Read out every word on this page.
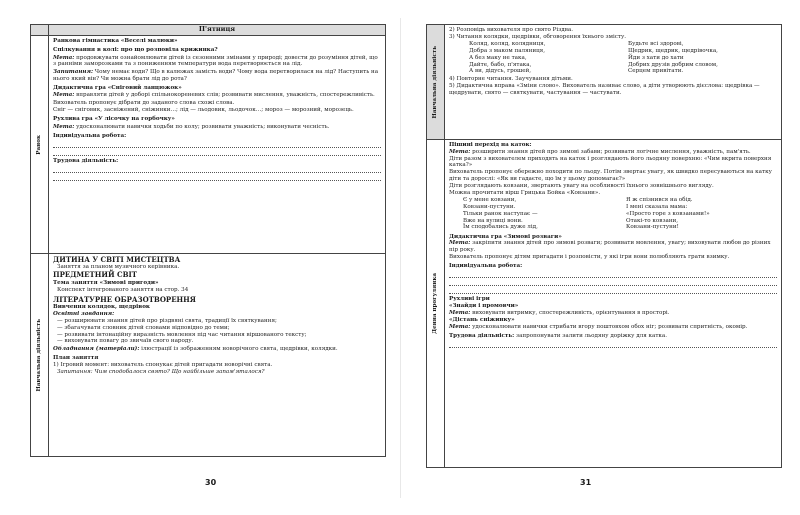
П'ятниця
Ранок
Ранкова гімнастика «Веселі малюки»
Спілкування в колі: про що розповіла крижинка?
Мета: продовжувати ознайомлювати дітей із сезонними змінами у природі; довести до розуміння дітей, що з ранніми заморозками та з пониженням температури вода перетворюється на лід.
Запитання: Чому немає води? Що в калюжах замість води? Чому вода перетворилася на лід? Наступить на нього який він? Чи можна брати лід до рота?
Дидактична гра «Сніговий ланцюжок»
Мета: вправляти дітей у доборі спільнокореневих слів; розвивати мислення, уважність, спостережливість.
Вихователь пропонує дібрати до заданого слова схожі слова.
Сніг — сніговик, засніжений, сніжинки…; лід — льодовик, льодочок…; мороз — морозний, морозець.
Рухлива гра «У лісочку на горбочку»
Мета: удосконалювати навички ходьби по колу; розвивати уважність; виконувати чесність.
Індивідуальна робота:
Трудова діяльність:
Навчальна діяльність
ДИТИНА У СВІТІ МИСТЕЦТВА
Заняття за планом музичного керівника.
ПРЕДМЕТНИЙ СВІТ
Тема заняття «Зимові пригоди»
Конспект інтегрованого заняття на стор. 34
ЛІТЕРАТУРНЕ ОБРАЗОТВОРЕННЯ
Вивчення колядок, щедрівок
Освітні завдання:
— розширювати знання дітей про різдвяні свята, традиції їх святкування;
— збагачувати словник дітей словами відповідно до теми;
— розвивати інтонаційну виразність мовлення під час читання віршованого тексту;
— виховувати повагу до звичаїв свого народу.
Обладнання (матеріали): ілюстрації із зображенням новорічного свята, щедрівки, колядки.
План заняття
1) Ігровий момент: вихователь спонукає дітей пригадати новорічні свята.
Запитання: Чим сподобалося свято? Що найбільше запам'яталося?
30
Навчальна діяльність
2) Розповідь вихователя про свято Різдва.
3) Читання колядки, щедрівки, обговорення їхнього змісту.
Коляд, коляд, колядниця,
Добра з маком паляниця,
А без маку не така,
Дайте, бабо, п'ятака,
А ви, дідусь, грошей,
Будьте всі здорові,
Щедрик, щедрик, щедрівочка,
Йди з хати до хати
Добрих друзів добрим словом,
Серцем привітати.
4) Повторне читання. Заучування дітьми.
5) Дидактична вправа «Зміни слово». Вихователь називає слово, а діти утворюють дієслова: щедрівка — щедрувати, свято — святкувати, частування — частувати.
Денна прогулянка
Пішині перехід на каток:
Мета: розширити знання дітей про зимові забави; розвивати логічне мислення, уважність, пам'ять.
Діти разом з вихователем приходять на каток і розглядають його льодяну поверхню: «Чим вкрита поверхня катка?»
Вихователь пропонує обережно походити по льоду. Потім звертає увагу, як швидко пересуваються на катку діти та дорослі: «Як ви гадаєте, що їм у цьому допомагає?»
Діти розглядають ковзани, звертають увагу на особливості їхнього зовнішнього вигляду.
Можна прочитати вірш Грицька Бойка «Ковзани».
Є у мене ковзани,
Ковзани-пустуни.
Тільки ранок наступає —
Вже на вулиці вони.
Їм сподобались дуже лід,
Я ж спізнився на обід.
І мені сказала мама:
«Просто горе з ковзанами!»
Отакі-то ковзани,
Ковзани-пустуни!
Дидактична гра «Зимові розваги»
Мета: закріпити знання дітей про зимові розваги; розвивати мовлення, увагу; виховувати любов до різних пір року.
Вихователь пропонує дітям пригадати і розповісти, у які ігри вони полюбляють грати взимку.
Індивідуальна робота:
Рухливі ігри
«Знайди і промовчи»
Мета: виховувати витримку, спостережливість, орієнтування в просторі.
«Дістань сніжинку»
Мета: удосконалювати навички стрибати вгору поштовхом обох ніг; розвивати спритність, окомір.
Трудова діяльність: запропонувати залити льодяну доріжку для катка.
31
